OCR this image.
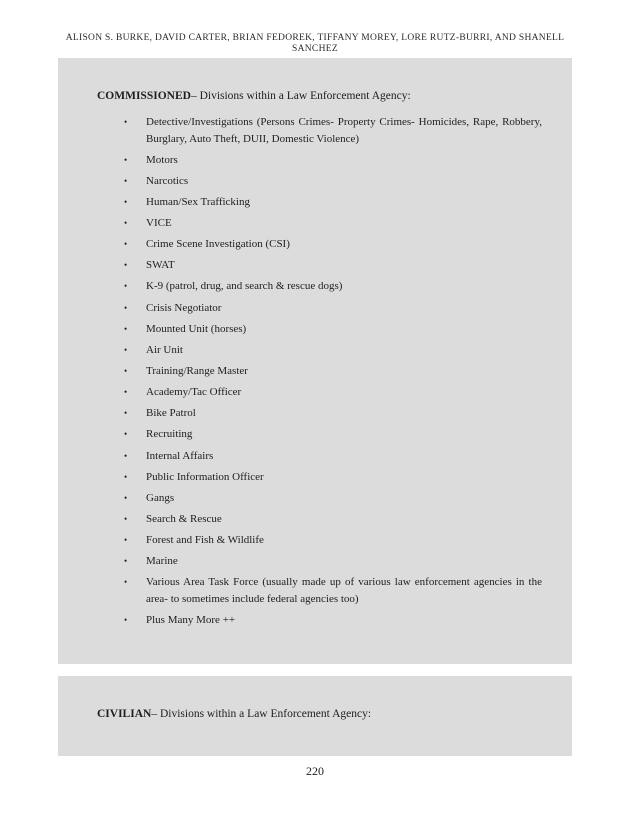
ALISON S. BURKE, DAVID CARTER, BRIAN FEDOREK, TIFFANY MOREY, LORE RUTZ-BURRI, AND SHANELL SANCHEZ
COMMISSIONED– Divisions within a Law Enforcement Agency:
• Detective/Investigations (Persons Crimes- Property Crimes- Homicides, Rape, Robbery, Burglary, Auto Theft, DUII, Domestic Violence)
• Motors
• Narcotics
• Human/Sex Trafficking
• VICE
• Crime Scene Investigation (CSI)
• SWAT
• K-9 (patrol, drug, and search & rescue dogs)
• Crisis Negotiator
• Mounted Unit (horses)
• Air Unit
• Training/Range Master
• Academy/Tac Officer
• Bike Patrol
• Recruiting
• Internal Affairs
• Public Information Officer
• Gangs
• Search & Rescue
• Forest and Fish & Wildlife
• Marine
• Various Area Task Force (usually made up of various law enforcement agencies in the area- to sometimes include federal agencies too)
• Plus Many More ++
CIVILIAN– Divisions within a Law Enforcement Agency:
220
